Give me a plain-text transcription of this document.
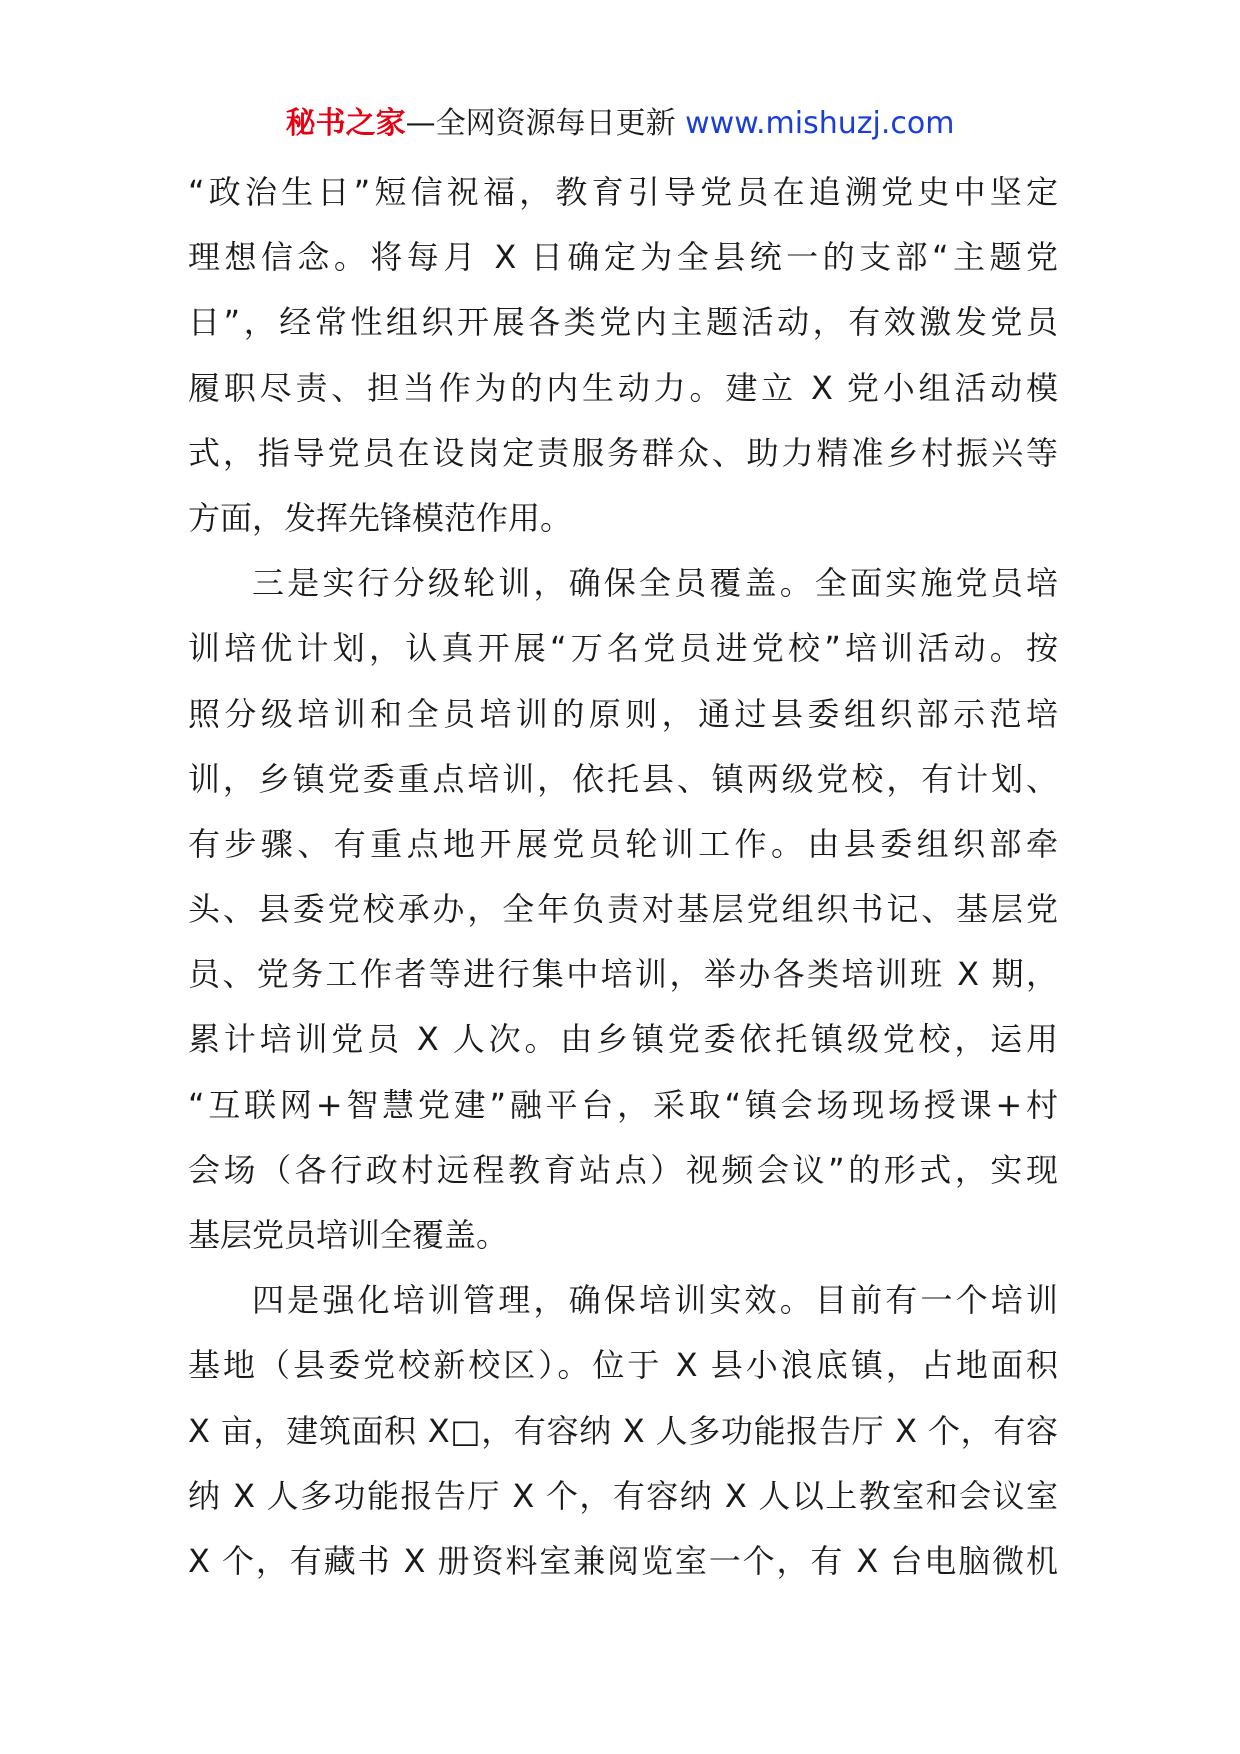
秘书之家—全网资源每日更新 www.mishuzj.com
“政治生日”短信祝福，教育引导党员在追溯党史中坚定
理想信念。将每月 X 日确定为全县统一的支部“主题党
日”，经常性组织开展各类党内主题活动，有效激发党员
履职尽责、担当作为的内生动力。建立 X 党小组活动模
式，指导党员在设岗定责服务群众、助力精准乡村振兴等
方面，发挥先锋模范作用。
三是实行分级轮训，确保全员覆盖。全面实施党员培
训培优计划，认真开展“万名党员进党校”培训活动。按
照分级培训和全员培训的原则，通过县委组织部示范培
训，乡镇党委重点培训，依托县、镇两级党校，有计划、
有步骤、有重点地开展党员轮训工作。由县委组织部牵
头、县委党校承办，全年负责对基层党组织书记、基层党
员、党务工作者等进行集中培训，举办各类培训班 X 期，
累计培训党员 X 人次。由乡镇党委依托镇级党校，运用
“互联网+智慧党建”融平台，采取“镇会场现场授课+村
会场（各行政村远程教育站点）视频会议”的形式，实现
基层党员培训全覆盖。
四是强化培训管理，确保培训实效。目前有一个培训
基地（县委党校新校区）。位于 X 县小浪底镇，占地面积
X 亩，建筑面积 X□，有容纳 X 人多功能报告厅 X 个，有容
纳 X 人多功能报告厅 X 个，有容纳 X 人以上教室和会议室
X 个，有藏书 X 册资料室兼阅览室一个，有 X 台电脑微机
